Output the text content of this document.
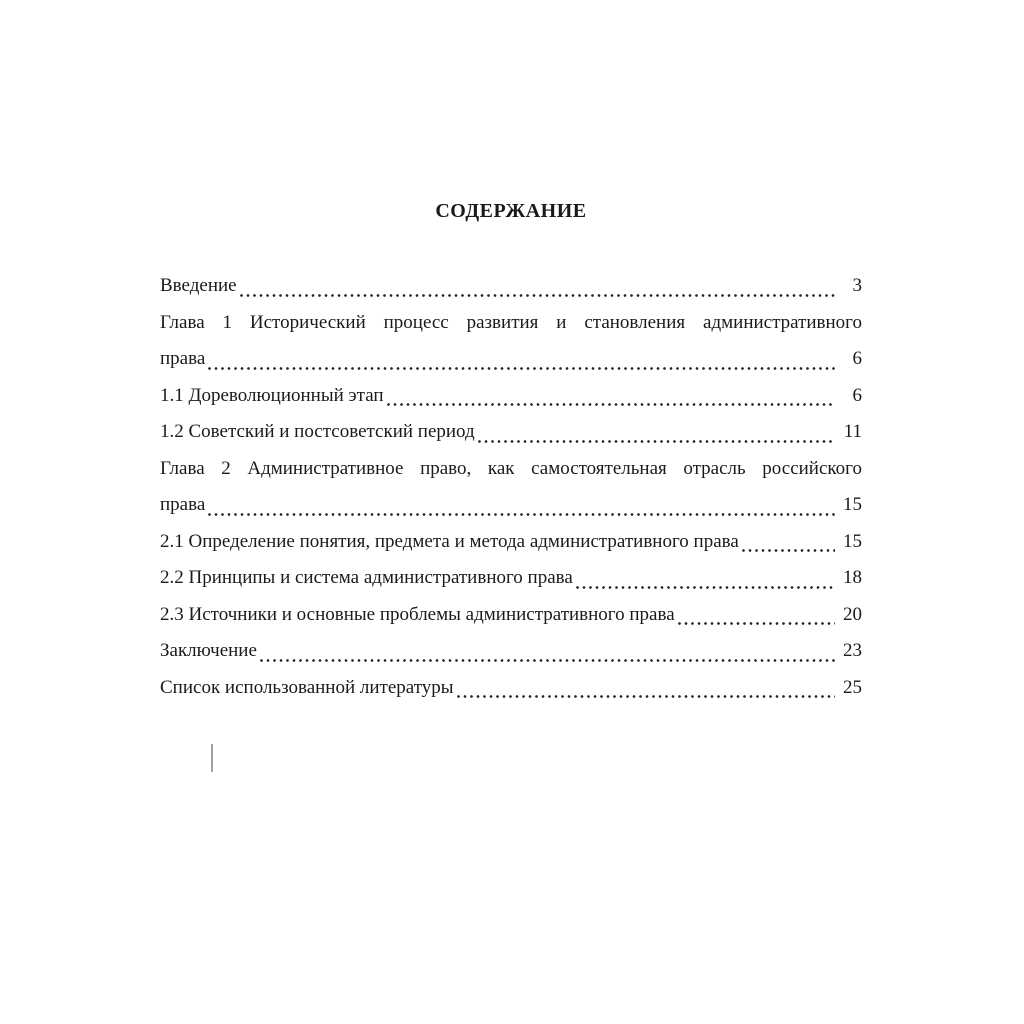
СОДЕРЖАНИЕ
Введение	3
Глава 1 Исторический процесс развития и становления административного
права	6
1.1 Дореволюционный этап	6
1.2 Советский и постсоветский период	11
Глава 2 Административное право, как самостоятельная отрасль российского
права	15
2.1 Определение понятия, предмета и метода административного права	15
2.2 Принципы и система административного права	18
2.3 Источники и основные проблемы административного права	20
Заключение	23
Список использованной литературы	25
